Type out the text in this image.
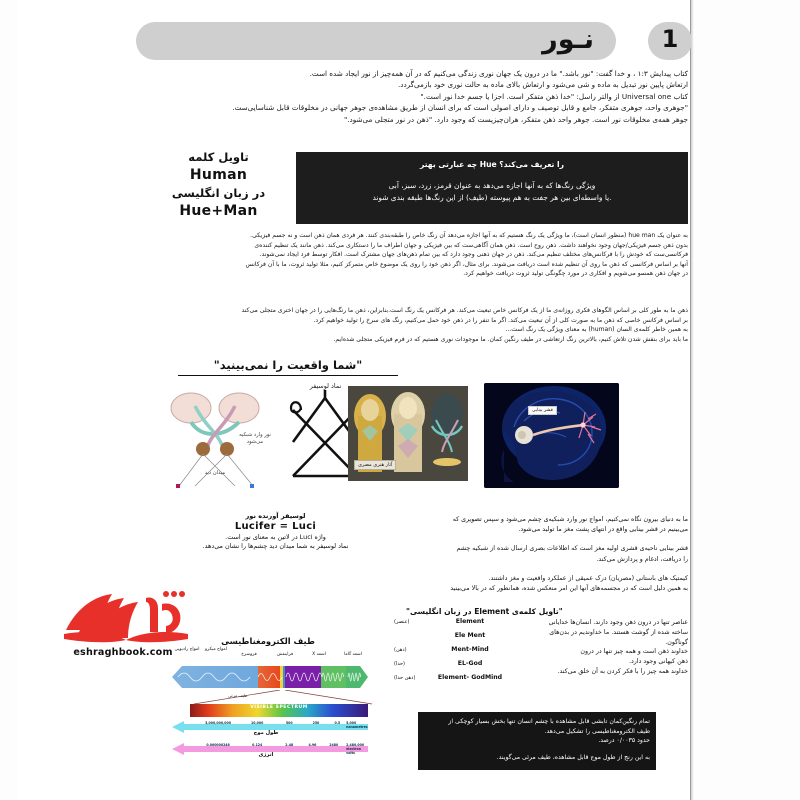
نـور	1
کتاب پیدایش ۱:۳ ، و خدا گفت: "نور باشد." ما در درون یک جهان نوری زندگی می‌کنیم که در آن همه‌چیز از نور ایجاد شده است.
ارتعاش پایین نور تبدیل به ماده و شی می‌شود و ارتعاش بالای ماده به حالت نوری خود بازمی‌گردد.
کتاب Universal one از والتر راسل: "خدا ذهن متفکر است. اجزا یا جسم خدا نور است."
"جوهری واحد، جوهری متفکر، جامع و قابل توصیف و دارای اصولی است که برای انسان از طریق مشاهده‌ی جوهر جهانی در مخلوقات قابل شناسایی‌ست.
جوهر همه‌ی مخلوقات نور است. جوهر واحد ذهن متفکر، هر‌ان‌چیزیست که وجود دارد. "ذهن در نور متجلی می‌شود."
تاویل کلمه
Human
در زبان انگلیسی
Hue+Man
چه عبارتی بهتر Hue را تعریف می‌کند؟
ویژگی رنگ‌ها که به آنها اجازه می‌دهد به عنوان قرمز، زرد، سبز، آبی
یا واسطه‌ای بین هر جفت به هم پیوسته (طیف) از این رنگ‌ها طبقه بندی شوند.
به عنوان یک hue man (منظور انسان است)، ما ویژگی یک رنگ هستیم که به آنها اجازه می‌دهد آن رنگ خاص را طبقه‌بندی کنند. هر فردی همان ذهن است و نه جسم فیزیکی.
بدون ذهن جسم فیزیکی/جهان وجود نخواهند داشت. ذهن روح است. ذهن همان آگاهی‌ست که بین فیزیکی و جهان اطراف ما را دستکاری می‌کند. ذهن مانند یک تنظیم کننده‌ی
فرکانسی‌ست که خودش را با فرکانس‌های مختلف تنظیم می‌کند. ذهن در جهان ذهنی وجود دارد که بین تمام ذهن‌های جهان مشترک است. افکار توسط فرد ایجاد نمی‌شوند.
آنها بر اساس فرکانسی که ذهن ما روی آن تنظیم شده است دریافت می‌شوند. برای مثال، اگر ذهن خود را روی یک موضوع خاص متمرکز کنیم، مثلا تولید ثروت، ما با آن فرکانس
در جهان ذهن همسو می‌شویم و افکاری در مورد چگونگی تولید ثروت دریافت خواهیم کرد.
ذهن ما به طور کلی بر اساس الگوهای فکری روزانه‌ی ما از یک فرکانس خاص تبعیت می‌کند. هر فرکانس یک رنگ است.بنابراین، ذهن ما رنگ‌هایی را در جهان اختری متجلی می‌کند
بر اساس فرکانس خاصی که ذهن ما به صورت کلی از آن تبعیت می‌کند. اگر ما تنفر را در ذهن خود حمل می‌کنیم، رنگ های سرخ را تولید خواهیم کرد.
به همین خاطر کلمه‌ی السان (human) به معنای ویژگی یک رنگ است...
ما باید برای بنفش شدن تلاش کنیم، بالاترین رنگ ارتعاشی در طیف رنگین کمان. ما موجودات نوری هستیم که در فرم فیزیکی متجلی شده‌ایم.
"شما واقعیت را نمی‌بینید"
نور وارد شبکیه می‌شود
میدان دید
نماد لوسیفر
لوسیفر آورنده نور
Lucifer = Luci
واژه Luci در لاتین به معنای نور است.
نماد لوسیفر به شما میدان دید چشم‌ها را نشان می‌دهد.
آثار هنری مصری
قشر بینایی

ما به دنیای بیرون نگاه نمی‌کنیم، امواج نور وارد شبکیه‌ی چشم می‌شود و سپس تصویری که
می‌بینیم در قشر بینایی واقع در انتهای پشت مغز ما تولید می‌شود.

قشر بینایی ناحیه‌ی قشری اولیه مغز است که اطلاعات بصری ارسال شده از شبکیه چشم
را دریافت، ادغام و پردازش می‌کند.

کیمتیک های باستانی (مصریان) درک عمیقی از عملکرد واقعیت و مغز داشتند.
به همین دلیل است که در مجسمه‌های آنها این امر منعکس شده، همانطور که در بالا می‌بینید

"تاویل کلمه‌ی Element در زبان انگلیسی"
(عنصر)	Element
Ele Ment
(ذهن)	Ment-Mind
(خدا)	EL-God
(ذهن خدا)	Element- GodMind
عناصر تنها در درون ذهن وجود دارند. انسان‌ها خدایانی
ساخته شده از گوشت هستند. ما خداوندیم در بدن‌های
گوناگون.
خداوند ذهن است و همه چیز تنها در درون
ذهن کیهانی وجود دارد.
خداوند همه چیز را با فکر کردن به آن خلق می‌کند.
تمام رنگین‌کمان تابشی قابل مشاهده با چشم انسان تنها بخش بسیار کوچکی از
طیف الکترومغناطیسی را تشکیل می‌دهد.
حدود ۰/۰۰۳۵ درصد.
به این رنج از طول موج قابل مشاهده، طیف مرئی می‌گویند.
طیف الکترومغناطیسی
امواج رادیویی امواج میکرو
فروسرخ	فرابنفش	اشعه X	اشعه گاما
طیف مرئی
VISIBLE SPECTRUM
3,000,000,000	10,000	500	250	0.5 5,000 nanometres
طول موج
0.000000248	0.124	2.48	4.96	2480 2,480,000 electron volts
انرژی
eshraghbook.com
